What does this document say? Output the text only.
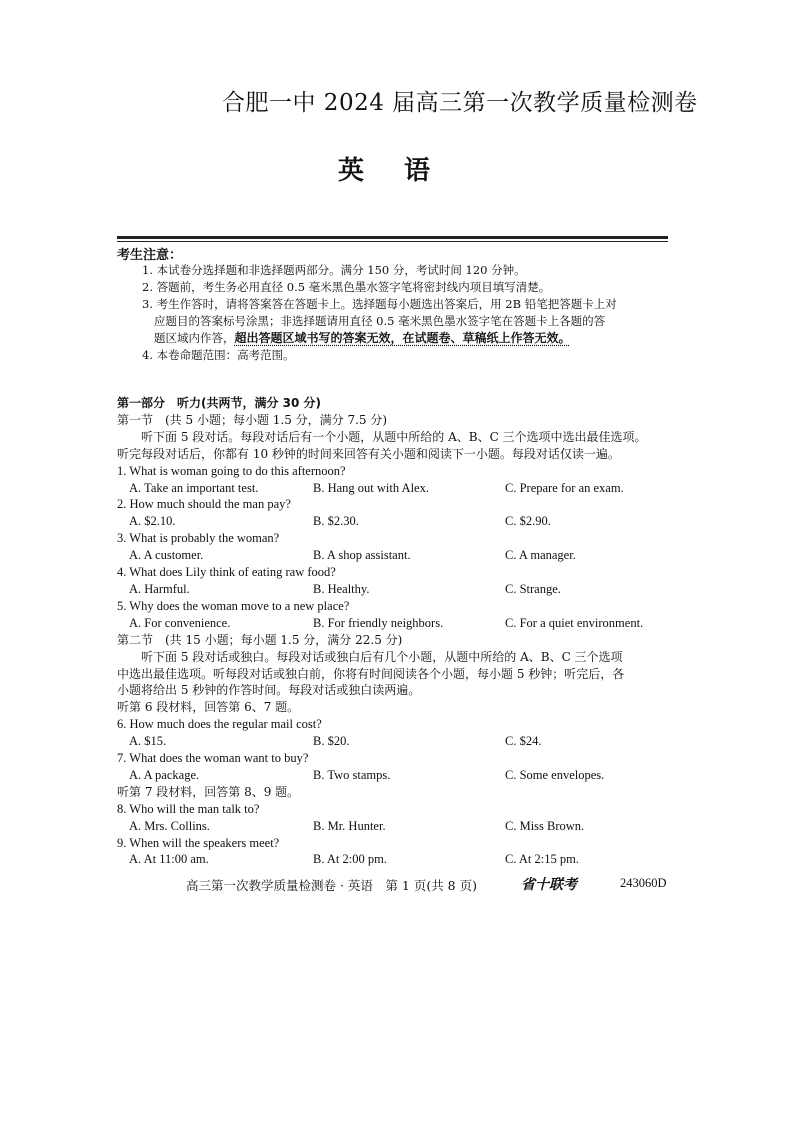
合肥一中 2024 届高三第一次教学质量检测卷
英语
考生注意：

1. 本试卷分选择题和非选择题两部分。满分 150 分，考试时间 120 分钟。

2. 答题前，考生务必用直径 0.5 毫米黑色墨水签字笔将密封线内项目填写清楚。

3. 考生作答时，请将答案答在答题卡上。选择题每小题选出答案后，用 2B 铅笔把答题卡上对

应题目的答案标号涂黑；非选择题请用直径 0.5 毫米黑色墨水签字笔在答题卡上各题的答
题区域内作答，超出答题区域书写的答案无效，在试题卷、草稿纸上作答无效。

4. 本卷命题范围：高考范围。

第一部分　听力(共两节，满分 30 分)
第一节　(共 5 小题；每小题 1.5 分，满分 7.5 分)
听下面 5 段对话。每段对话后有一个小题，从题中所给的 A、B、C 三个选项中选出最佳选项。
听完每段对话后，你都有 10 秒钟的时间来回答有关小题和阅读下一小题。每段对话仅读一遍。
1. What is woman going to do this afternoon?
A. Take an important test.	B. Hang out with Alex.	C. Prepare for an exam.
2. How much should the man pay?
A. $2.10.	B. $2.30.	C. $2.90.
3. What is probably the woman?
A. A customer.	B. A shop assistant.	C. A manager.
4. What does Lily think of eating raw food?
A. Harmful.	B. Healthy.	C. Strange.
5. Why does the woman move to a new place?
A. For convenience.	B. For friendly neighbors.	C. For a quiet environment.
第二节　(共 15 小题；每小题 1.5 分，满分 22.5 分)
听下面 5 段对话或独白。每段对话或独白后有几个小题，从题中所给的 A、B、C 三个选项
中选出最佳选项。听每段对话或独白前，你将有时间阅读各个小题，每小题 5 秒钟；听完后，各
小题将给出 5 秒钟的作答时间。每段对话或独白读两遍。
听第 6 段材料，回答第 6、7 题。
6. How much does the regular mail cost?
A. $15.	B. $20.	C. $24.
7. What does the woman want to buy?
A. A package.	B. Two stamps.	C. Some envelopes.
听第 7 段材料，回答第 8、9 题。
8. Who will the man talk to?
A. Mrs. Collins.	B. Mr. Hunter.	C. Miss Brown.
9. When will the speakers meet?
A. At 11:00 am.	B. At 2:00 pm.	C. At 2:15 pm.
高三第一次教学质量检测卷 · 英语　第 1 页(共 8 页)	省十联考	243060D
